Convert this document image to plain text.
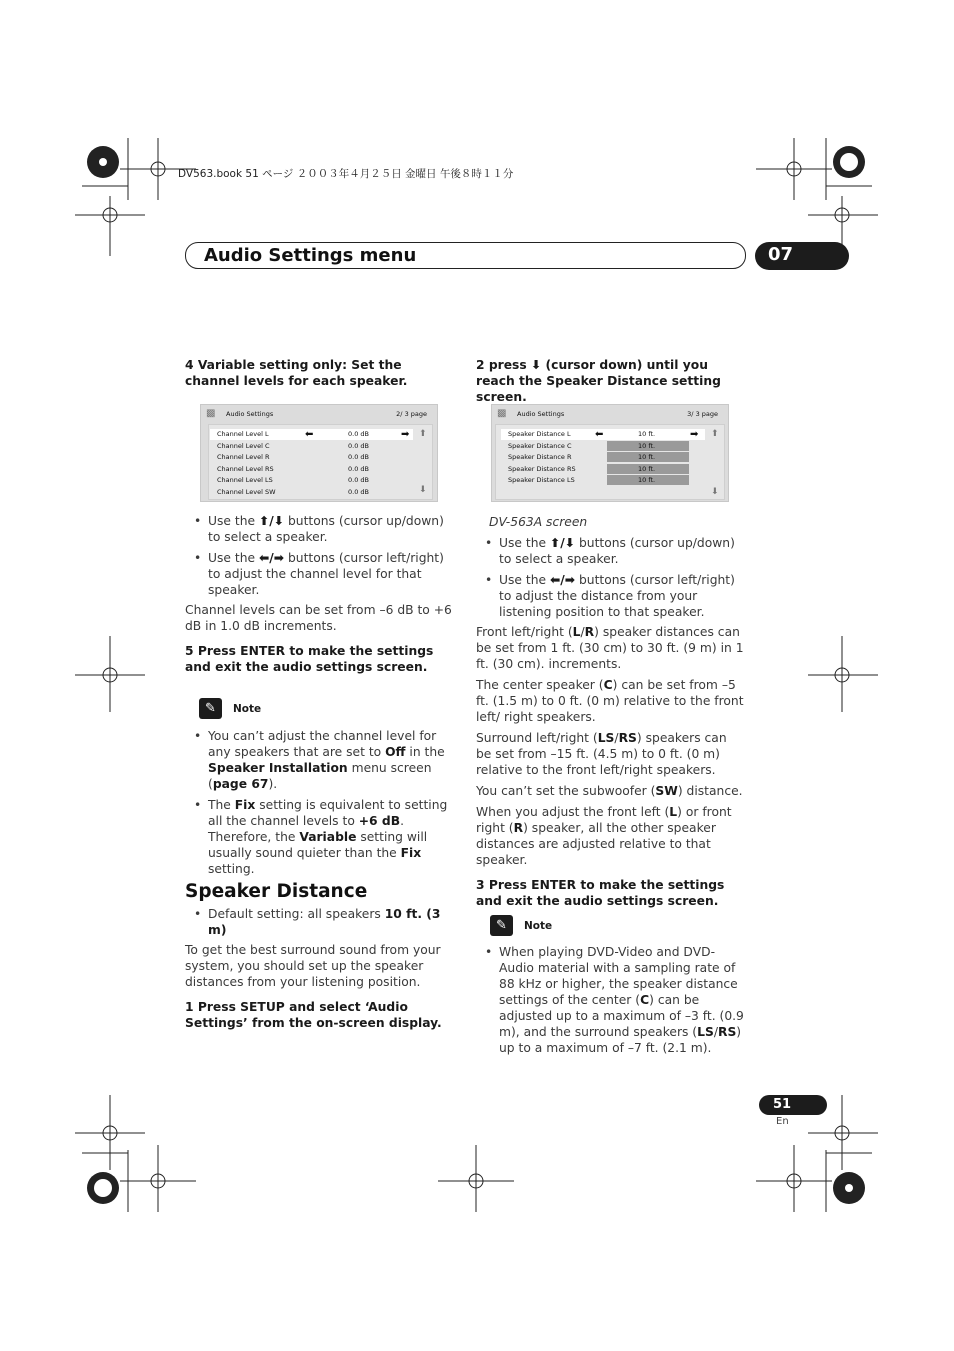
DV563.book 51 ページ ２００３年４月２５日 金曜日 午後８時１１分
Audio Settings menu	07

4 Variable setting only: Set the channel levels for each speaker.

▩ Audio Settings	2/ 3 page
Channel Level L	0.0 dB
Channel Level C	0.0 dB
Channel Level R	0.0 dB
Channel Level RS	0.0 dB
Channel Level LS	0.0 dB
Channel Level SW	0.0 dB
⬅	➡ ⬆
⬇

• Use the ⬆/⬇ buttons (cursor up/down) to select a speaker.

• Use the ⬅/➡ buttons (cursor left/right) to adjust the channel level for that speaker.

Channel levels can be set from –6 dB to +6 dB in 1.0 dB increments.

5 Press ENTER to make the settings and exit the audio settings screen.

✎	Note

• You can’t adjust the channel level for any speakers that are set to Off in the Speaker Installation menu screen (page 67).

• The Fix setting is equivalent to setting all the channel levels to +6 dB. Therefore, the Variable setting will usually sound quieter than the Fix setting.

Speaker Distance

• Default setting: all speakers 10 ft. (3 m)

To get the best surround sound from your system, you should set up the speaker distances from your listening position.

1 Press SETUP and select ‘Audio Settings’ from the on-screen display.

2 press ⬇ (cursor down) until you reach the Speaker Distance setting screen.

▩ Audio Settings	3/ 3 page
Speaker Distance L	10 ft.
Speaker Distance C	10 ft.
Speaker Distance R	10 ft.
Speaker Distance RS	10 ft.
Speaker Distance LS	10 ft.
⬅	➡ ⬆
⬇
DV-563A screen

• Use the ⬆/⬇ buttons (cursor up/down) to select a speaker.

• Use the ⬅/➡ buttons (cursor left/right) to adjust the distance from your listening position to that speaker.

Front left/right (L/R) speaker distances can be set from 1 ft. (30 cm) to 30 ft. (9 m) in 1 ft. (30 cm). increments.

The center speaker (C) can be set from –5 ft. (1.5 m) to 0 ft. (0 m) relative to the front left/ right speakers.

Surround left/right (LS/RS) speakers can be set from –15 ft. (4.5 m) to 0 ft. (0 m) relative to the front left/right speakers.

You can’t set the subwoofer (SW) distance.

When you adjust the front left (L) or front right (R) speaker, all the other speaker distances are adjusted relative to that speaker.

3 Press ENTER to make the settings and exit the audio settings screen.

✎	Note

• When playing DVD-Video and DVD-Audio material with a sampling rate of 88 kHz or higher, the speaker distance settings of the center (C) can be adjusted up to a maximum of –3 ft. (0.9 m), and the surround speakers (LS/RS) up to a maximum of –7 ft. (2.1 m).

51
En
